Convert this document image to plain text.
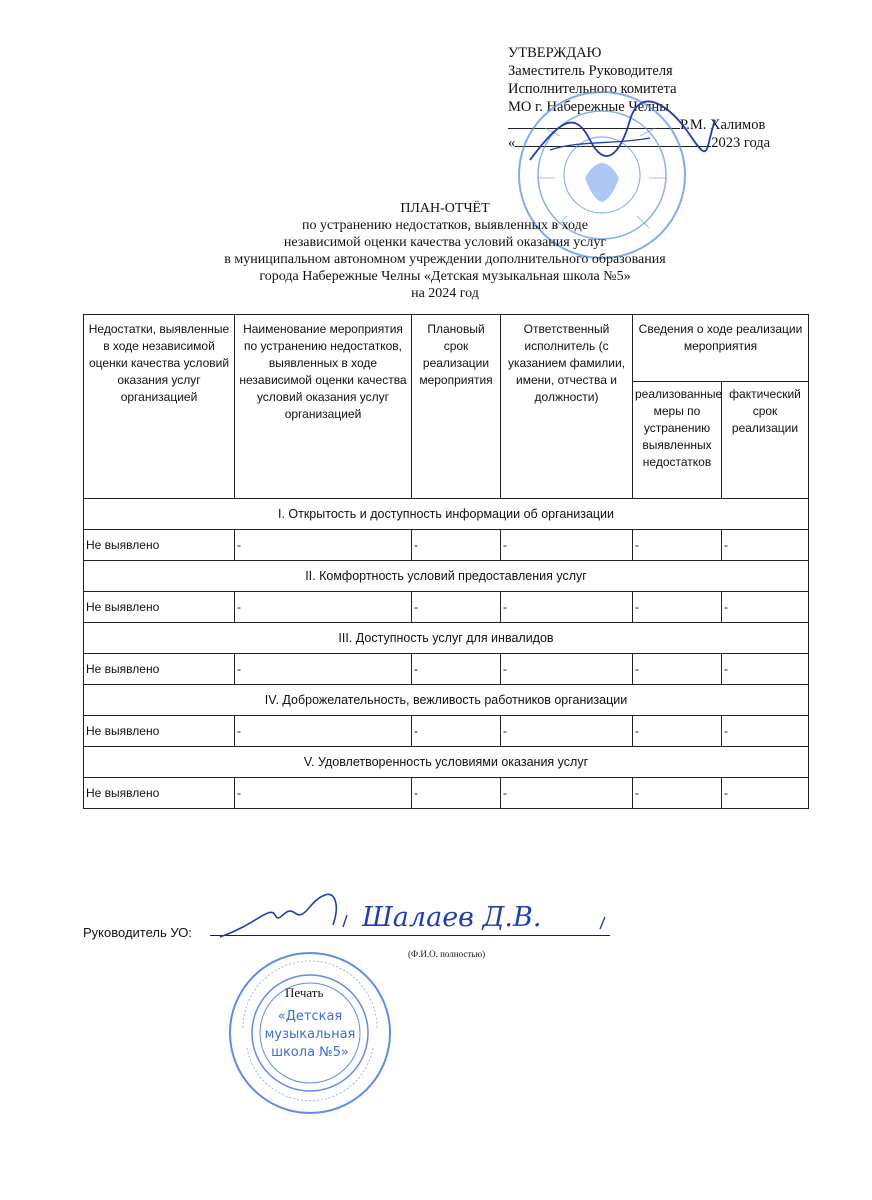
УТВЕРЖДАЮ
Заместитель Руководителя
Исполнительного комитета
МО г. Набережные Челны
Р.М. Халимов
«	2023 года
ПЛАН-ОТЧЁТ
по устранению недостатков, выявленных в ходе
независимой оценки качества условий оказания услуг
в муниципальном автономном учреждении дополнительного образования
города Набережные Челны «Детская музыкальная школа №5»
на 2024 год
Недостатки, выявленные в ходе независимой оценки качества условий оказания услуг организацией	Наименование мероприятия по устранению недостатков, выявленных в ходе независимой оценки качества условий оказания услуг организацией	Плановый срок реализации мероприятия	Ответственный исполнитель (с указанием фамилии, имени, отчества и должности)	Сведения о ходе реализации мероприятия	
				реализованные меры по устранению выявленных недостатков	фактический срок реализации
I. Открытость и доступность информации об организации					
Не выявлено	-	-	-	-	-
II. Комфортность условий предоставления услуг					
Не выявлено	-	-	-	-	-
III. Доступность услуг для инвалидов					
Не выявлено	-	-	-	-	-
IV. Доброжелательность, вежливость работников организации					
Не выявлено	-	-	-	-	-
V. Удовлетворенность условиями оказания услуг					
Не выявлено	-	-	-	-	-
Руководитель УО:	Шалаев Д.В.
(Ф.И.О. полностью)
Печать
«Детская
музыкальная
школа №5»
